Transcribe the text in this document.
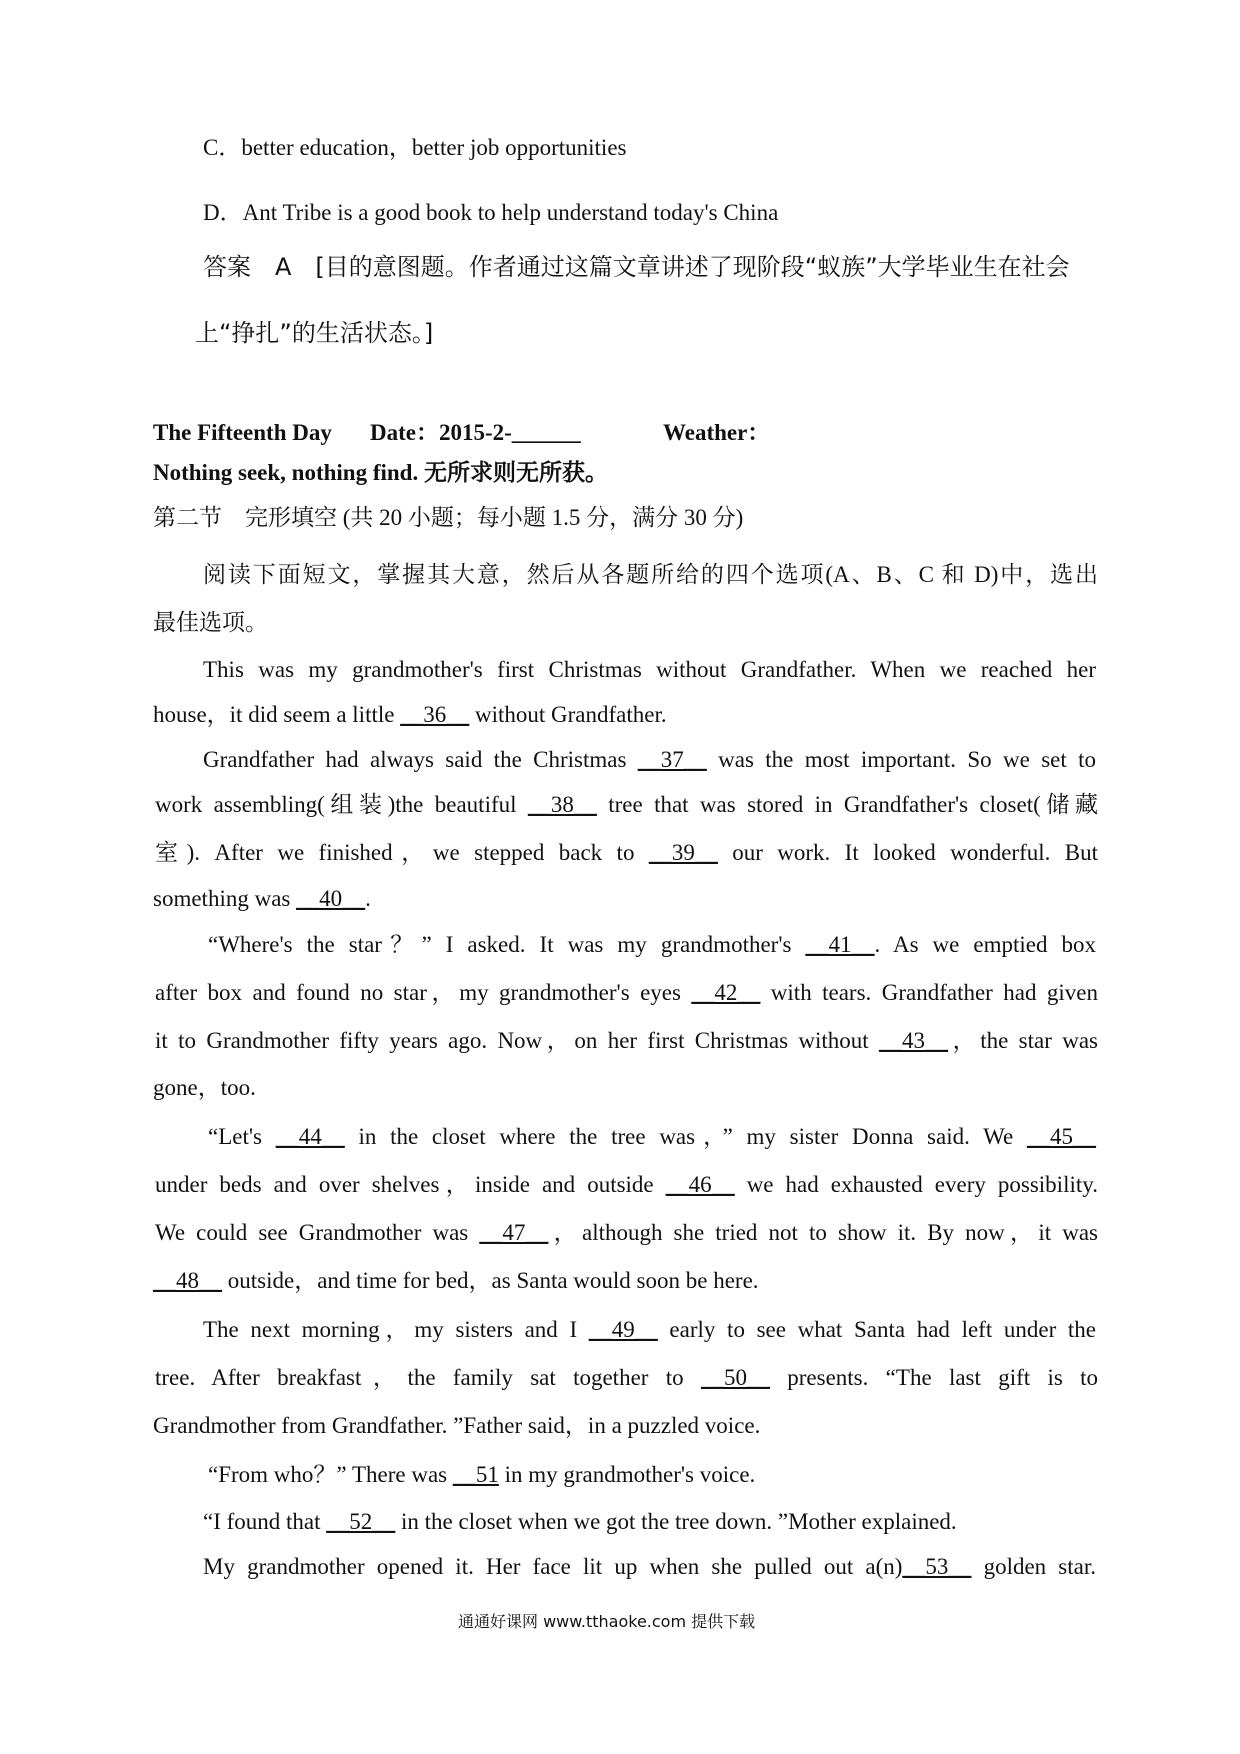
C．better education，better job opportunities
D．Ant Tribe is a good book to help understand today's China
答案　A　[目的意图题。作者通过这篇文章讲述了现阶段“蚁族”大学毕业生在社会
上“挣扎”的生活状态。]
The Fifteenth Day Date：2015-2-______	Weather：
Nothing seek, nothing find. 无所求则无所获。
第二节　完形填空 (共 20 小题；每小题 1.5 分，满分 30 分)
阅读下面短文，掌握其大意，然后从各题所给的四个选项(A、B、C 和 D)中，选出
最佳选项。
This was my grandmother's first Christmas without Grandfather. When we reached her
house，it did seem a little __36__ without Grandfather.
Grandfather had always said the Christmas __37__ was the most important. So we set to
work assembling(组装)the beautiful __38__ tree that was stored in Grandfather's closet(储藏
室). After we finished，we stepped back to __39__ our work. It looked wonderful. But
something was __40__.
“Where's the star？” I asked. It was my grandmother's __41__. As we emptied box
after box and found no star，my grandmother's eyes __42__ with tears. Grandfather had given
it to Grandmother fifty years ago. Now，on her first Christmas without __43__，the star was
gone，too.
“Let's __44__ in the closet where the tree was，” my sister Donna said. We __45__
under beds and over shelves，inside and outside __46__ we had exhausted every possibility.
We could see Grandmother was __47__，although she tried not to show it. By now，it was
__48__ outside，and time for bed，as Santa would soon be here.
The next morning，my sisters and I __49__ early to see what Santa had left under the
tree. After breakfast，the family sat together to __50__ presents. “The last gift is to
Grandmother from Grandfather. ”Father said，in a puzzled voice.
“From who？” There was __51 in my grandmother's voice.
“I found that __52__ in the closet when we got the tree down. ”Mother explained.
My grandmother opened it. Her face lit up when she pulled out a(n)__53__ golden star.
通通好课网 www.tthaoke.com 提供下载
